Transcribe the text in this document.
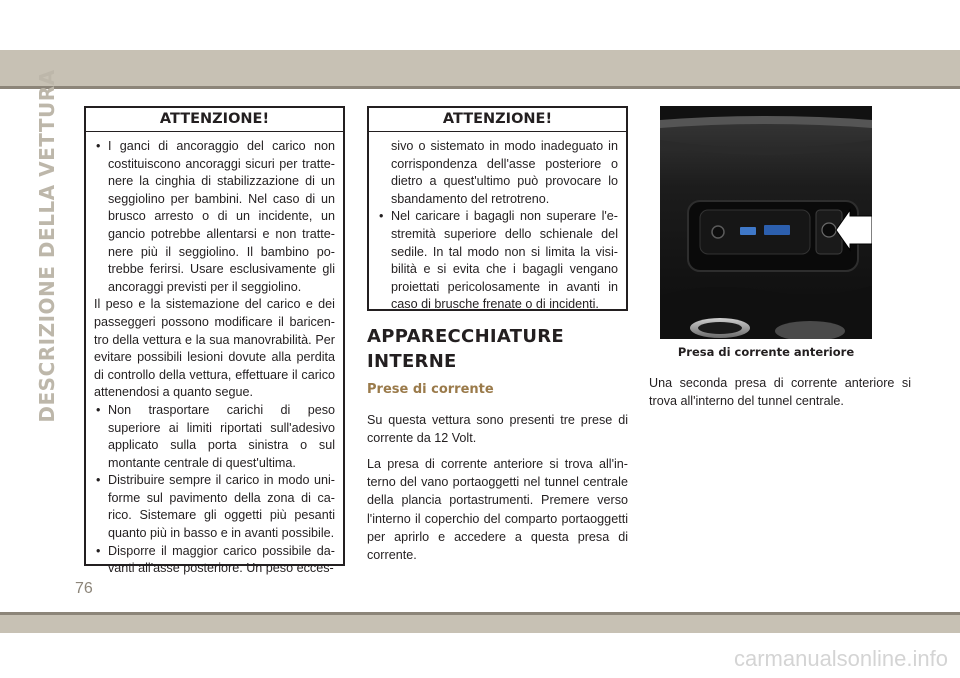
DESCRIZIONE DELLA VETTURA	ATTENZIONE!
• I ganci di ancoraggio del carico non costituiscono ancoraggi sicuri per trattenere la cinghia di stabilizzazione di un seggiolino per bambini. Nel caso di un brusco arresto o di un incidente, un gancio potrebbe allentarsi e non trattenere più il seggiolino. Il bambino potrebbe ferirsi. Usare esclusivamente gli ancoraggi previsti per il seggiolino.

Il peso e la sistemazione del carico e dei passeggeri possono modificare il baricentro della vettura e la sua manovrabilità. Per evitare possibili lesioni dovute alla perdita di controllo della vettura, effettuare il carico attenendosi a quanto segue.

• Non trasportare carichi di peso superiore ai limiti riportati sull'adesivo applicato sulla porta sinistra o sul montante centrale di quest'ultima.
• Distribuire sempre il carico in modo uniforme sul pavimento della zona di carico. Sistemare gli oggetti più pesanti quanto più in basso e in avanti possibile.
• Disporre il maggior carico possibile davanti all'asse posteriore. Un peso ecces-
ATTENZIONE!
sivo o sistemato in modo inadeguato in corrispondenza dell'asse posteriore o dietro a quest'ultimo può provocare lo sbandamento del retrotreno.
• Nel caricare i bagagli non superare l'estremità superiore dello schienale del sedile. In tal modo non si limita la visibilità e si evita che i bagagli vengano proiettati pericolosamente in avanti in caso di brusche frenate o di incidenti.
APPARECCHIATURE INTERNE
Prese di corrente
Su questa vettura sono presenti tre prese di corrente da 12 Volt.
La presa di corrente anteriore si trova all'interno del vano portaoggetti nel tunnel centrale della plancia portastrumenti. Premere verso l'interno il coperchio del comparto portaoggetti per aprirlo e accedere a questa presa di corrente.
Presa di corrente anteriore
Una seconda presa di corrente anteriore si trova all'interno del tunnel centrale.
76
carmanualsonline.info
